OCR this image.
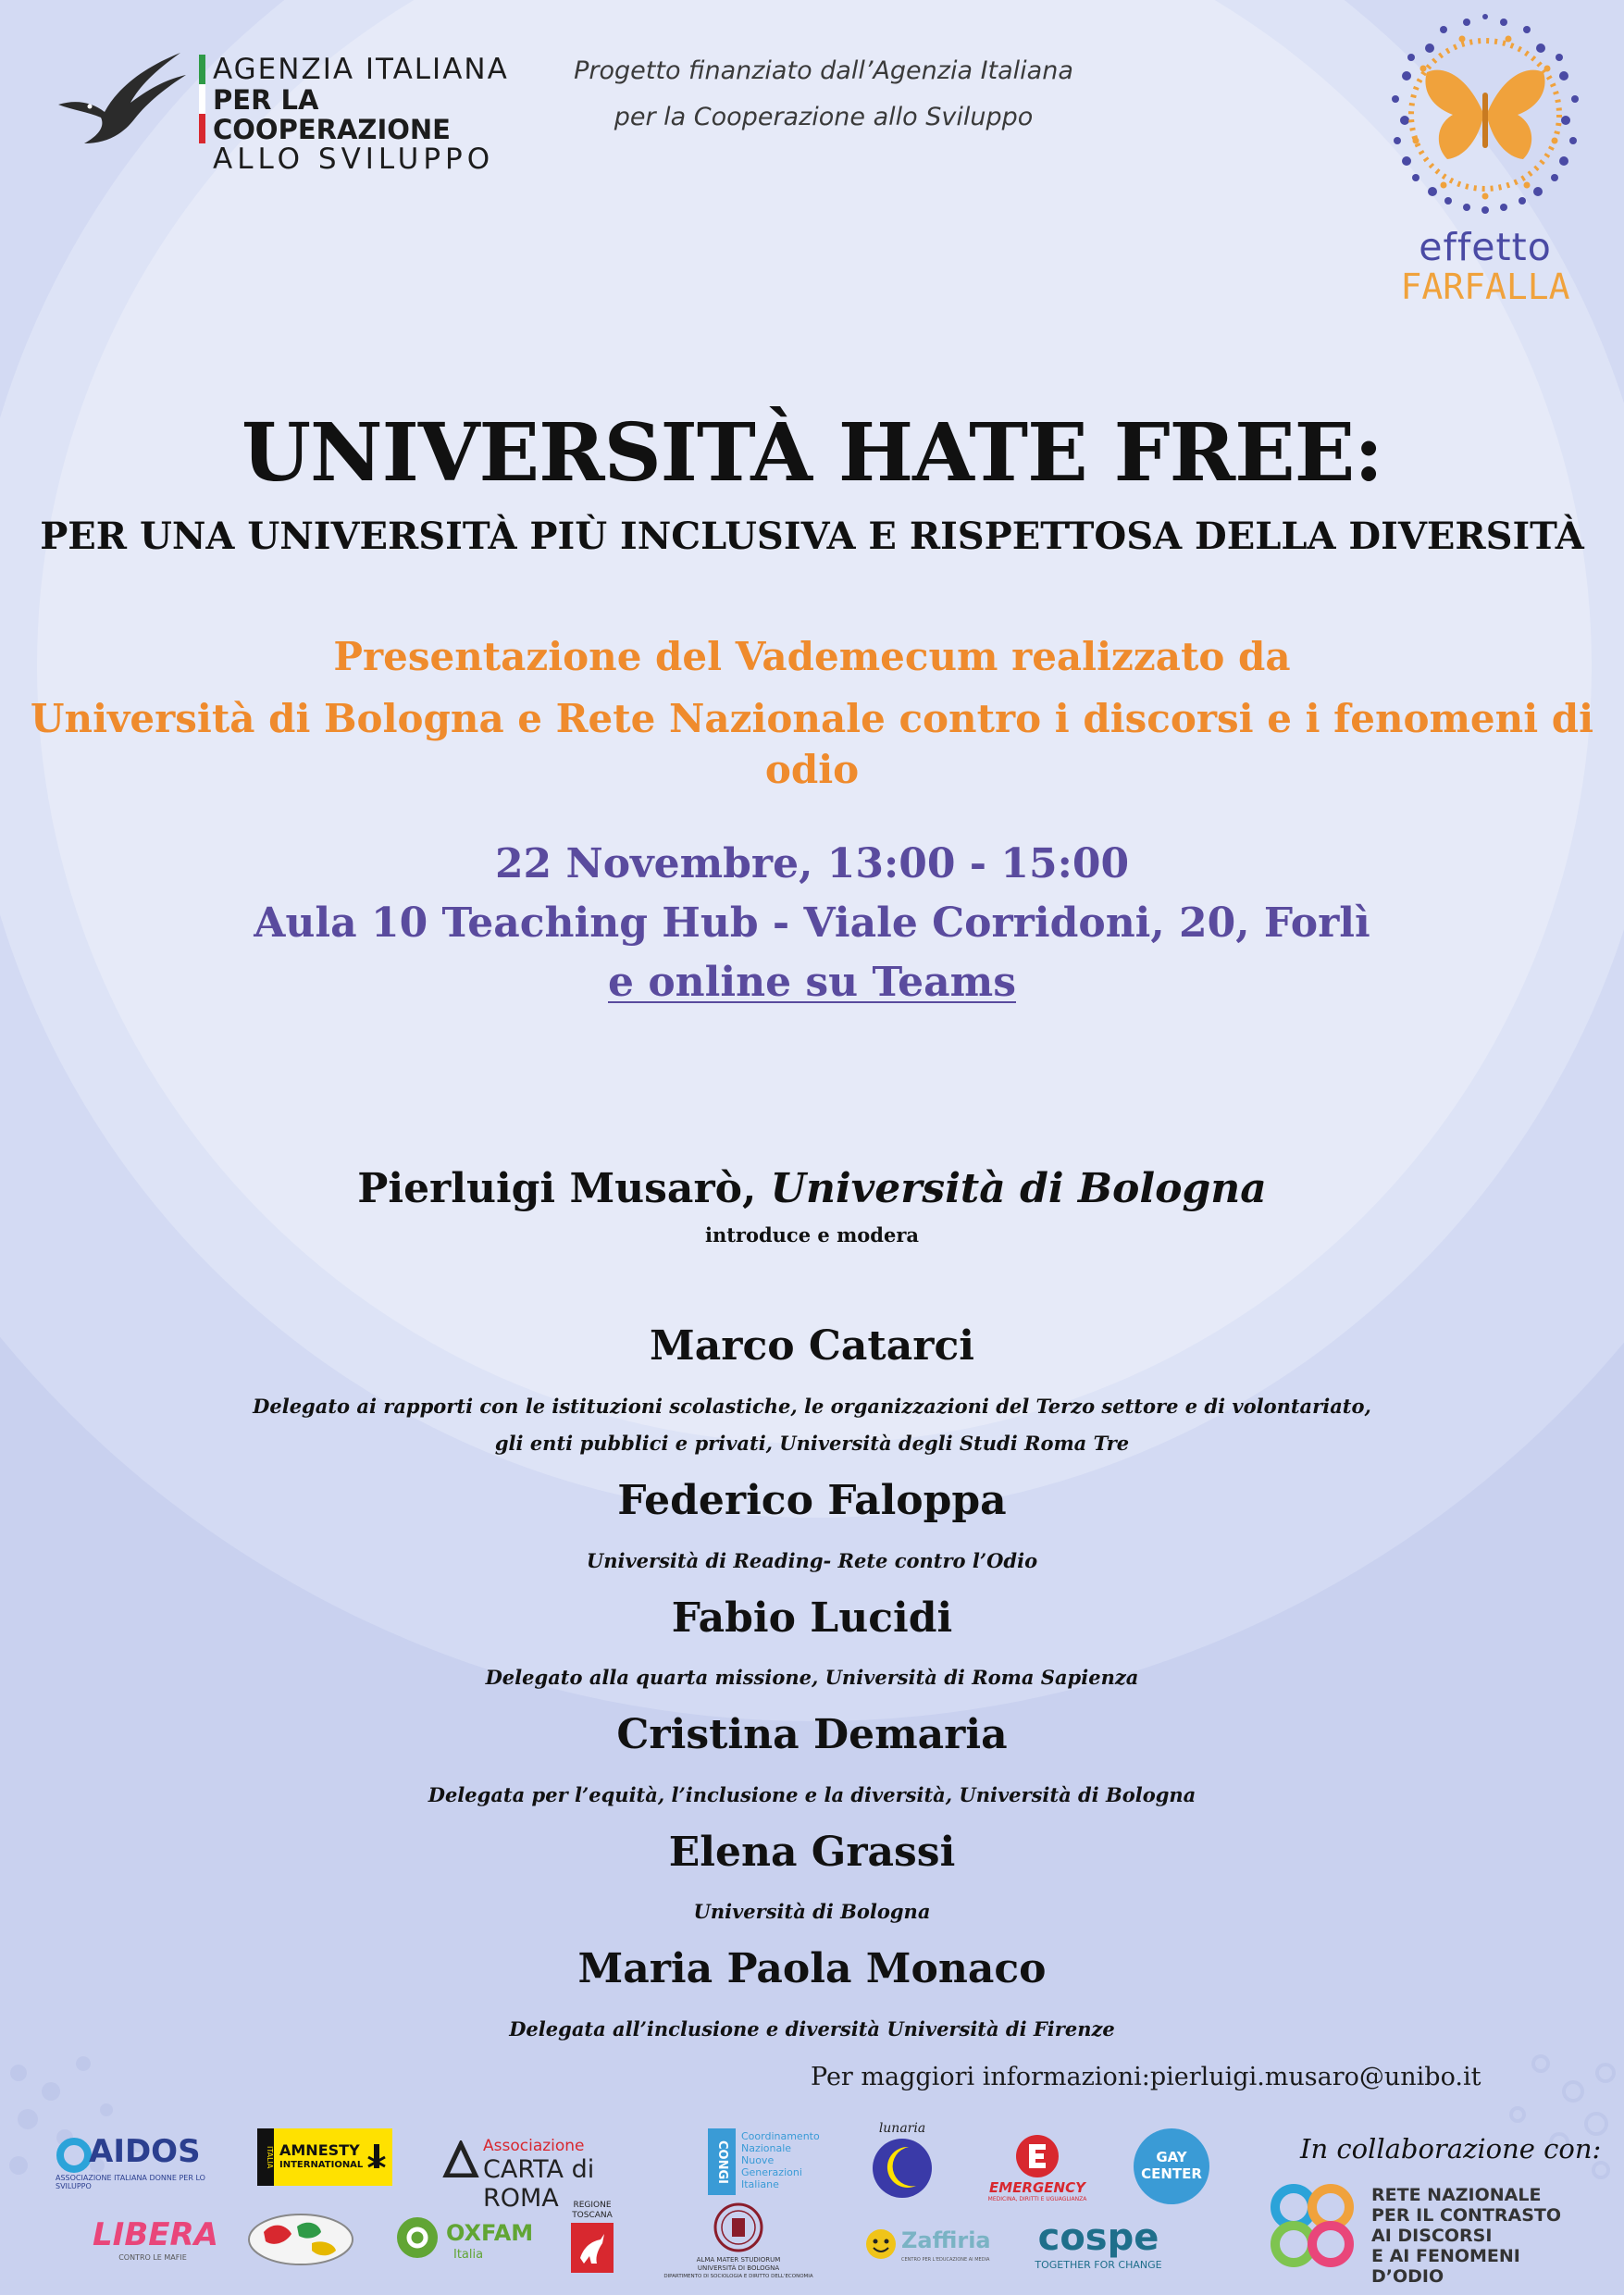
AGENZIA ITALIANA
PER LA COOPERAZIONE
ALLO SVILUPPO
Progetto finanziato dall’Agenzia Italiana
per la Cooperazione allo Sviluppo
effetto
FARFALLA
UNIVERSITÀ HATE FREE:
PER UNA UNIVERSITÀ PIÙ INCLUSIVA E RISPETTOSA DELLA DIVERSITÀ
Presentazione del Vademecum realizzato da
Università di Bologna e Rete Nazionale contro i discorsi e i fenomeni di
odio
22 Novembre, 13:00 - 15:00
Aula 10 Teaching Hub - Viale Corridoni, 20, Forlì
e online su Teams
Pierluigi Musarò, Università di Bologna
introduce e modera
Marco Catarci
Delegato ai rapporti con le istituzioni scolastiche, le organizzazioni del Terzo settore e di volontariato,
gli enti pubblici e privati, Università degli Studi Roma Tre
Federico Faloppa
Università di Reading- Rete contro l’Odio
Fabio Lucidi
Delegato alla quarta missione, Università di Roma Sapienza
Cristina Demaria
Delegata per l’equità, l’inclusione e la diversità, Università di Bologna
Elena Grassi
Università di Bologna
Maria Paola Monaco
Delegata all’inclusione e diversità Università di Firenze
Per maggiori informazioni:pierluigi.musaro@unibo.it
In collaborazione con:
AIDOS
ASSOCIAZIONE ITALIANA DONNE PER LO SVILUPPO
ITALIA AMNESTY
INTERNATIONAL
Associazione
CARTA di ROMA
CONGI
Coordinamento
Nazionale
Nuove
Generazioni
Italiane
lunaria
EMERGENCY
MEDICINA, DIRITTI E UGUAGLIANZA
GAY
CENTER
RETE NAZIONALE
PER IL CONTRASTO
AI DISCORSI
E AI FENOMENI D’ODIO
LIBERA
CONTRO LE MAFIE
OXFAM
Italia
REGIONE
TOSCANA
ALMA MATER STUDIORUM
UNIVERSITÀ DI BOLOGNA
DIPARTIMENTO DI SOCIOLOGIA E DIRITTO DELL'ECONOMIA
Zaffiria
CENTRO PER L'EDUCAZIONE AI MEDIA
cospe
TOGETHER FOR CHANGE
